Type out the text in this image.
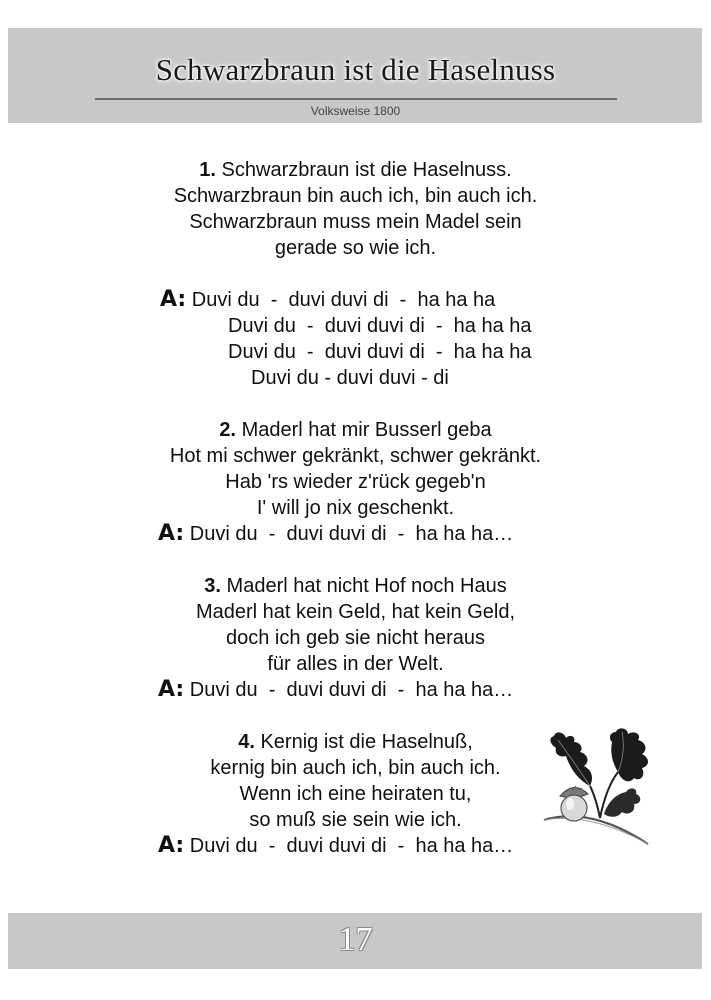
Schwarzbraun ist die Haselnuss
Volksweise 1800
1. Schwarzbraun ist die Haselnuss.
Schwarzbraun bin auch ich, bin auch ich.
Schwarzbraun muss mein Madel sein
gerade so wie ich.
A: Duvi du  -  duvi duvi di  -  ha ha ha
Duvi du  -  duvi duvi di  -  ha ha ha
Duvi du  -  duvi duvi di  -  ha ha ha
Duvi du - duvi duvi - di
2. Maderl hat mir Busserl geba
Hot mi schwer gekränkt, schwer gekränkt.
Hab 'rs wieder z'rück gegeb'n
I' will jo nix geschenkt.
A: Duvi du  -  duvi duvi di  -  ha ha ha…
3. Maderl hat nicht Hof noch Haus
Maderl hat kein Geld, hat kein Geld,
doch ich geb sie nicht heraus
für alles in der Welt.
A: Duvi du  -  duvi duvi di  -  ha ha ha…
4. Kernig ist die Haselnuß,
kernig bin auch ich, bin auch ich.
Wenn ich eine heiraten tu,
so muß sie sein wie ich.
A: Duvi du  -  duvi duvi di  -  ha ha ha…
17
